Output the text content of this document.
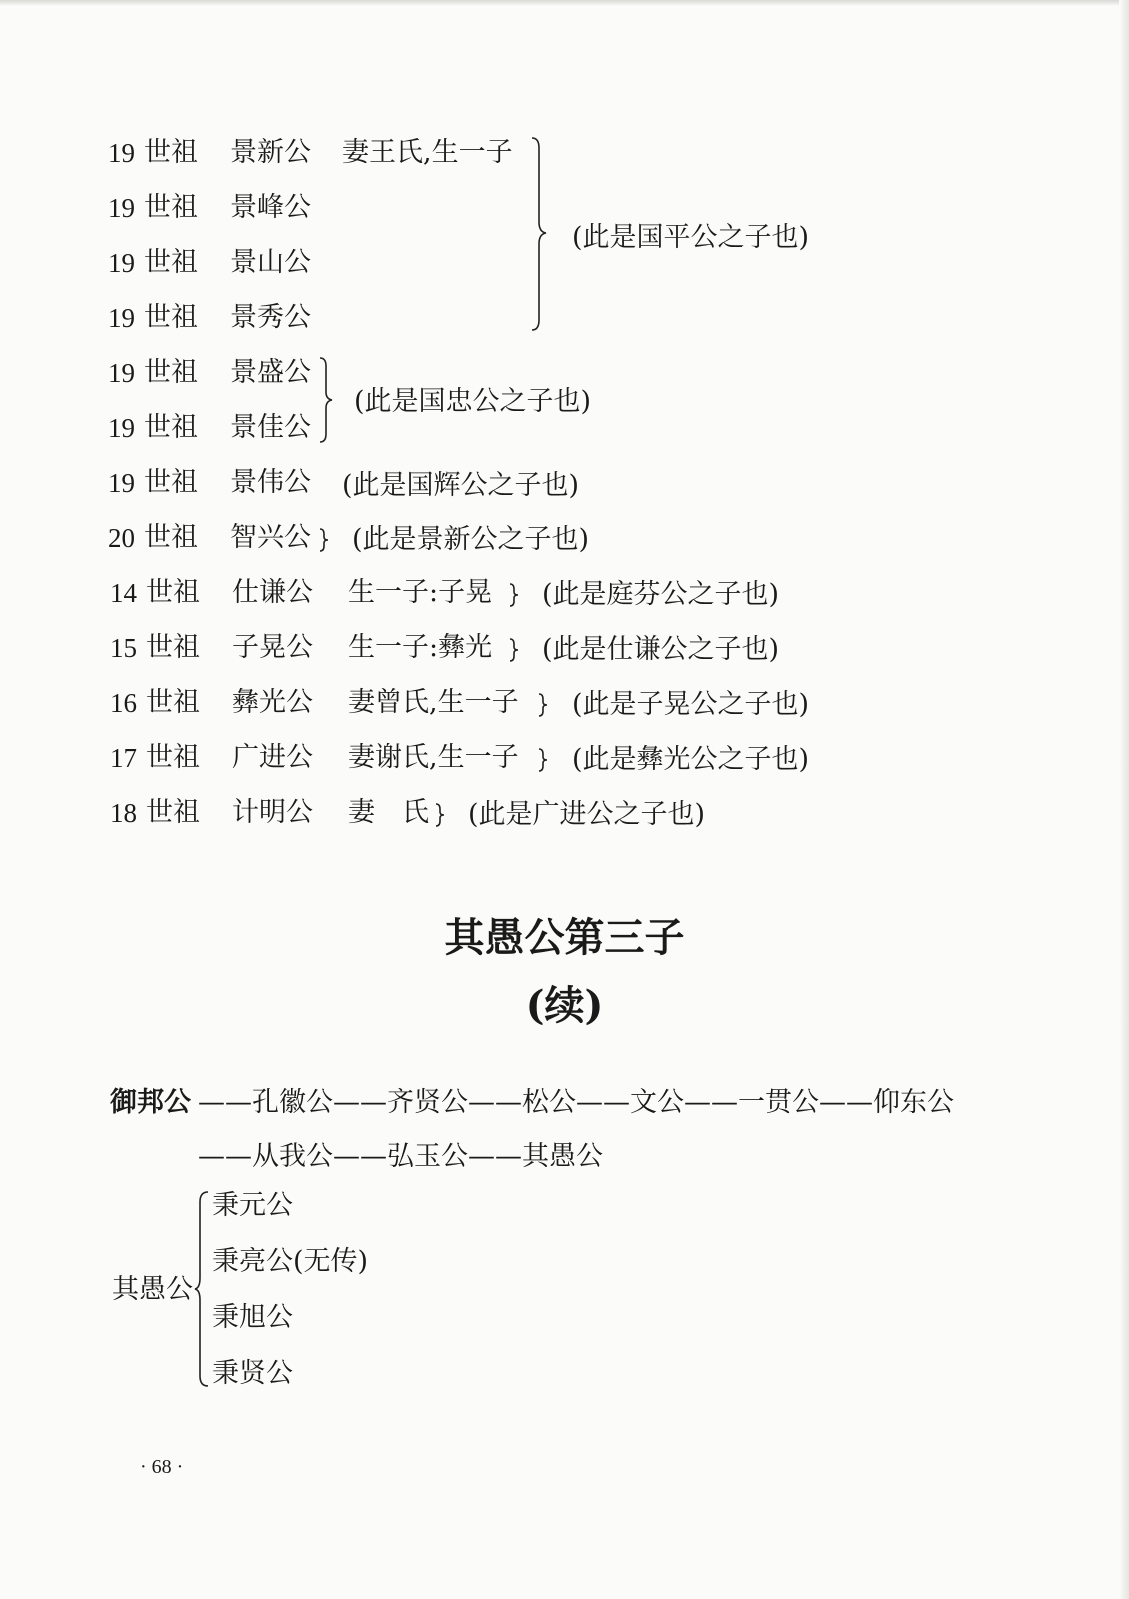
19 世祖 景新公 妻王氏,生一子
19 世祖 景峰公
19 世祖 景山公
19 世祖 景秀公
19 世祖 景盛公
19 世祖 景佳公
19 世祖 景伟公
20 世祖 智兴公
14 世祖 仕谦公 生一子:子晃
15 世祖 子晃公 生一子:彝光
16 世祖 彝光公 妻曾氏,生一子
17 世祖 广进公 妻谢氏,生一子
18 世祖 计明公 妻　氏
(此是国平公之子也)
(此是国忠公之子也)
(此是国辉公之子也)
(此是景新公之子也)
(此是庭芬公之子也)
(此是仕谦公之子也)
(此是子晃公之子也)
(此是彝光公之子也)
(此是广进公之子也)
其愚公第三子
(续)
御邦公 ——孔徽公——齐贤公——松公——文公——一贯公——仰东公
——从我公——弘玉公——其愚公
其愚公
秉元公
秉亮公(无传)
秉旭公
秉贤公
· 68 ·
